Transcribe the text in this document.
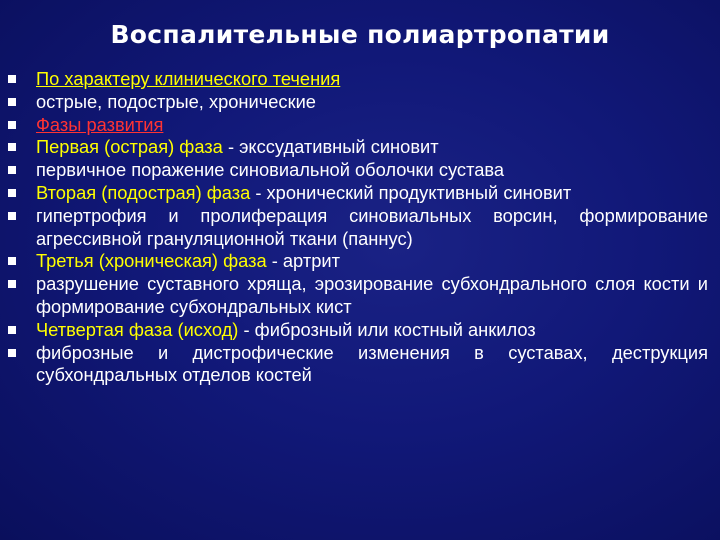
Воспалительные полиартропатии
По характеру клинического течения
острые, подострые, хронические
Фазы развития
Первая (острая) фаза - экссудативный синовит
первичное поражение синовиальной оболочки сустава
Вторая (подострая) фаза - хронический продуктивный синовит
гипертрофия и пролиферация синовиальных ворсин, формирование агрессивной грануляционной ткани (паннус)
Третья (хроническая) фаза - артрит
разрушение суставного хряща, эрозирование субхондрального слоя кости и формирование субхондральных кист
Четвертая фаза (исход) - фиброзный или костный анкилоз
фиброзные и дистрофические изменения в суставах, деструкция субхондральных отделов костей
